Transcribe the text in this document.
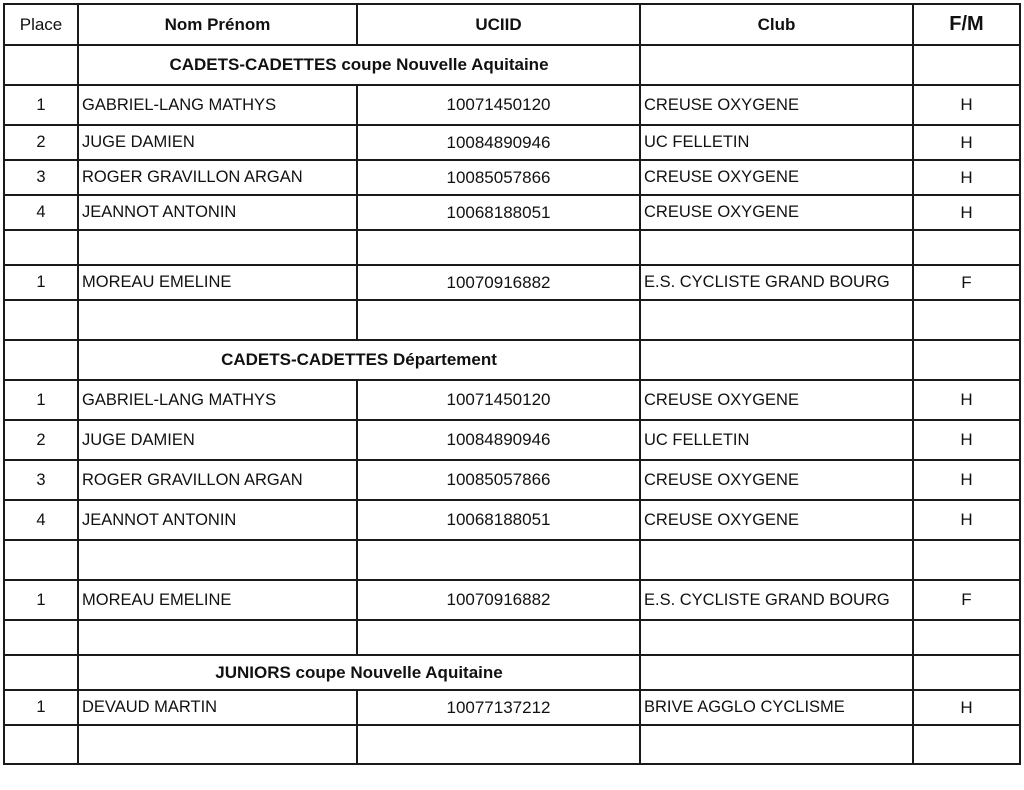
Place	Nom Prénom	UCIID	Club	F/M
	CADETS-CADETTES coupe Nouvelle Aquitaine			
1	GABRIEL-LANG MATHYS	10071450120	CREUSE OXYGENE	H
2	JUGE DAMIEN	10084890946	UC FELLETIN	H
3	ROGER GRAVILLON ARGAN	10085057866	CREUSE OXYGENE	H
4	JEANNOT ANTONIN	10068188051	CREUSE OXYGENE	H

1	MOREAU EMELINE	10070916882	E.S. CYCLISTE GRAND BOURG	F

	CADETS-CADETTES Département			
1	GABRIEL-LANG MATHYS	10071450120	CREUSE OXYGENE	H
2	JUGE DAMIEN	10084890946	UC FELLETIN	H
3	ROGER GRAVILLON ARGAN	10085057866	CREUSE OXYGENE	H
4	JEANNOT ANTONIN	10068188051	CREUSE OXYGENE	H

1	MOREAU EMELINE	10070916882	E.S. CYCLISTE GRAND BOURG	F

	JUNIORS coupe Nouvelle Aquitaine			
1	DEVAUD MARTIN	10077137212	BRIVE AGGLO CYCLISME	H
